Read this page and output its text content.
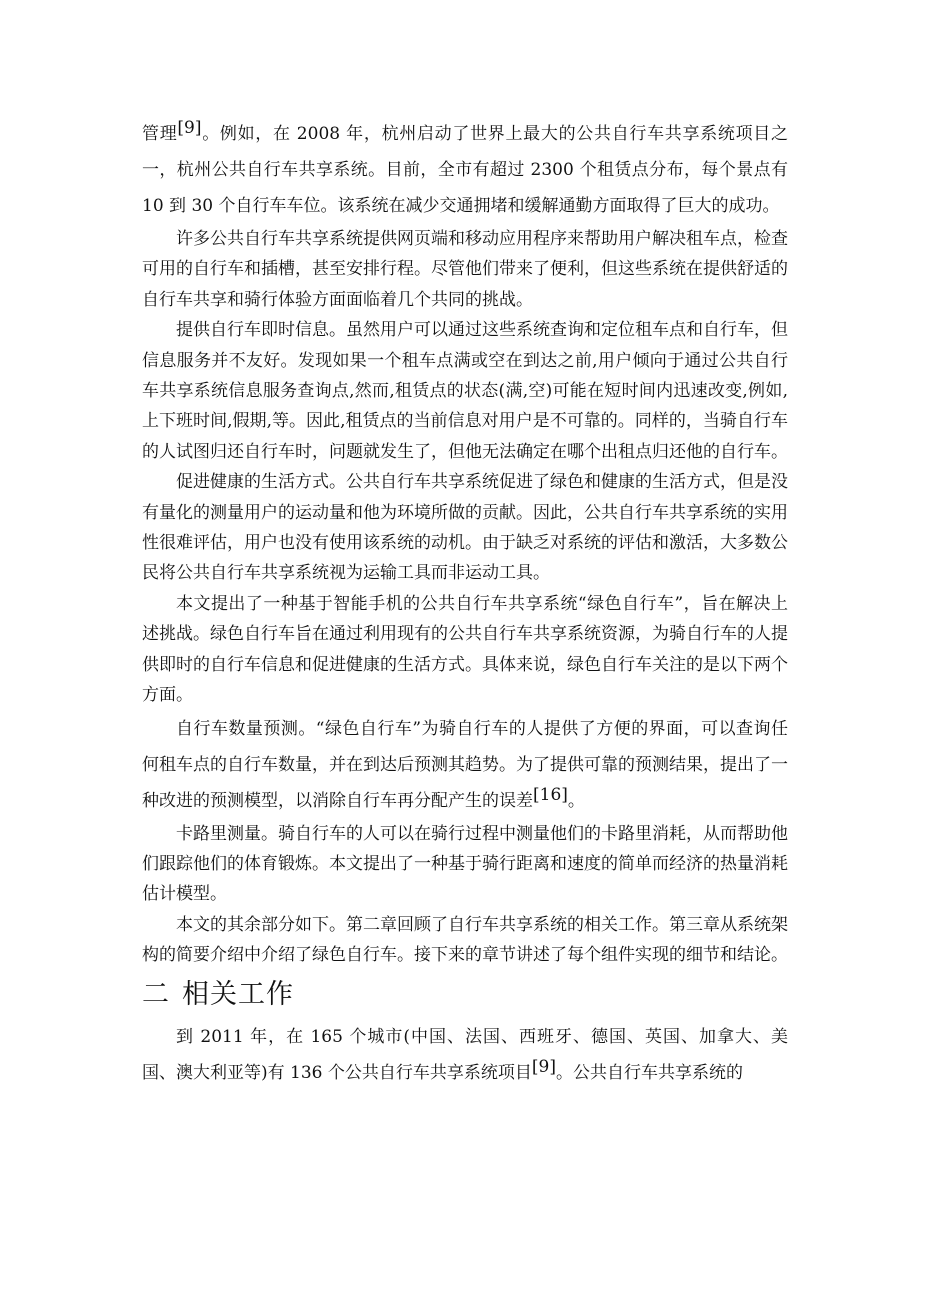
管理[9]。例如，在 2008 年，杭州启动了世界上最大的公共自行车共享系统项目之一，杭州公共自行车共享系统。目前，全市有超过 2300 个租赁点分布，每个景点有 10 到 30 个自行车车位。该系统在减少交通拥堵和缓解通勤方面取得了巨大的成功。

许多公共自行车共享系统提供网页端和移动应用程序来帮助用户解决租车点，检查可用的自行车和插槽，甚至安排行程。尽管他们带来了便利，但这些系统在提供舒适的自行车共享和骑行体验方面面临着几个共同的挑战。

提供自行车即时信息。虽然用户可以通过这些系统查询和定位租车点和自行车，但信息服务并不友好。发现如果一个租车点满或空在到达之前,用户倾向于通过公共自行车共享系统信息服务查询点,然而,租赁点的状态(满,空)可能在短时间内迅速改变,例如,上下班时间,假期,等。因此,租赁点的当前信息对用户是不可靠的。同样的，当骑自行车的人试图归还自行车时，问题就发生了，但他无法确定在哪个出租点归还他的自行车。

促进健康的生活方式。公共自行车共享系统促进了绿色和健康的生活方式，但是没有量化的测量用户的运动量和他为环境所做的贡献。因此，公共自行车共享系统的实用性很难评估，用户也没有使用该系统的动机。由于缺乏对系统的评估和激活，大多数公民将公共自行车共享系统视为运输工具而非运动工具。

本文提出了一种基于智能手机的公共自行车共享系统“绿色自行车”，旨在解决上述挑战。绿色自行车旨在通过利用现有的公共自行车共享系统资源，为骑自行车的人提供即时的自行车信息和促进健康的生活方式。具体来说，绿色自行车关注的是以下两个方面。

自行车数量预测。“绿色自行车”为骑自行车的人提供了方便的界面，可以查询任何租车点的自行车数量，并在到达后预测其趋势。为了提供可靠的预测结果，提出了一种改进的预测模型，以消除自行车再分配产生的误差[16]。

卡路里测量。骑自行车的人可以在骑行过程中测量他们的卡路里消耗，从而帮助他们跟踪他们的体育锻炼。本文提出了一种基于骑行距离和速度的简单而经济的热量消耗估计模型。

本文的其余部分如下。第二章回顾了自行车共享系统的相关工作。第三章从系统架构的简要介绍中介绍了绿色自行车。接下来的章节讲述了每个组件实现的细节和结论。

二 相关工作

到 2011 年，在 165 个城市(中国、法国、西班牙、德国、英国、加拿大、美国、澳大利亚等)有 136 个公共自行车共享系统项目[9]。公共自行车共享系统的
